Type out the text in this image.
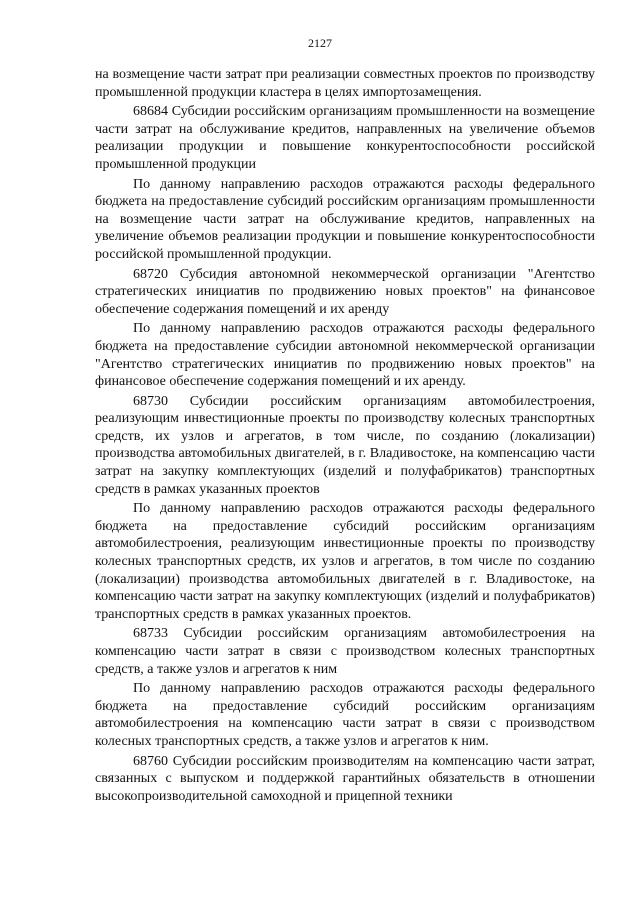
2127

на возмещение части затрат при реализации совместных проектов по производству промышленной продукции кластера в целях импортозамещения.

68684 Субсидии российским организациям промышленности на возмещение части затрат на обслуживание кредитов, направленных на увеличение объемов реализации продукции и повышение конкурентоспособности российской промышленной продукции

По данному направлению расходов отражаются расходы федерального бюджета на предоставление субсидий российским организациям промышленности на возмещение части затрат на обслуживание кредитов, направленных на увеличение объемов реализации продукции и повышение конкурентоспособности российской промышленной продукции.

68720 Субсидия автономной некоммерческой организации "Агентство стратегических инициатив по продвижению новых проектов" на финансовое обеспечение содержания помещений и их аренду

По данному направлению расходов отражаются расходы федерального бюджета на предоставление субсидии автономной некоммерческой организации "Агентство стратегических инициатив по продвижению новых проектов" на финансовое обеспечение содержания помещений и их аренду.

68730 Субсидии российским организациям автомобилестроения, реализующим инвестиционные проекты по производству колесных транспортных средств, их узлов и агрегатов, в том числе, по созданию (локализации) производства автомобильных двигателей, в г. Владивостоке, на компенсацию части затрат на закупку комплектующих (изделий и полуфабрикатов) транспортных средств в рамках указанных проектов

По данному направлению расходов отражаются расходы федерального бюджета на предоставление субсидий российским организациям автомобилестроения, реализующим инвестиционные проекты по производству колесных транспортных средств, их узлов и агрегатов, в том числе по созданию (локализации) производства автомобильных двигателей в г. Владивостоке, на компенсацию части затрат на закупку комплектующих (изделий и полуфабрикатов) транспортных средств в рамках указанных проектов.

68733 Субсидии российским организациям автомобилестроения на компенсацию части затрат в связи с производством колесных транспортных средств, а также узлов и агрегатов к ним

По данному направлению расходов отражаются расходы федерального бюджета на предоставление субсидий российским организациям автомобилестроения на компенсацию части затрат в связи с производством колесных транспортных средств, а также узлов и агрегатов к ним.

68760 Субсидии российским производителям на компенсацию части затрат, связанных с выпуском и поддержкой гарантийных обязательств в отношении высокопроизводительной самоходной и прицепной техники
